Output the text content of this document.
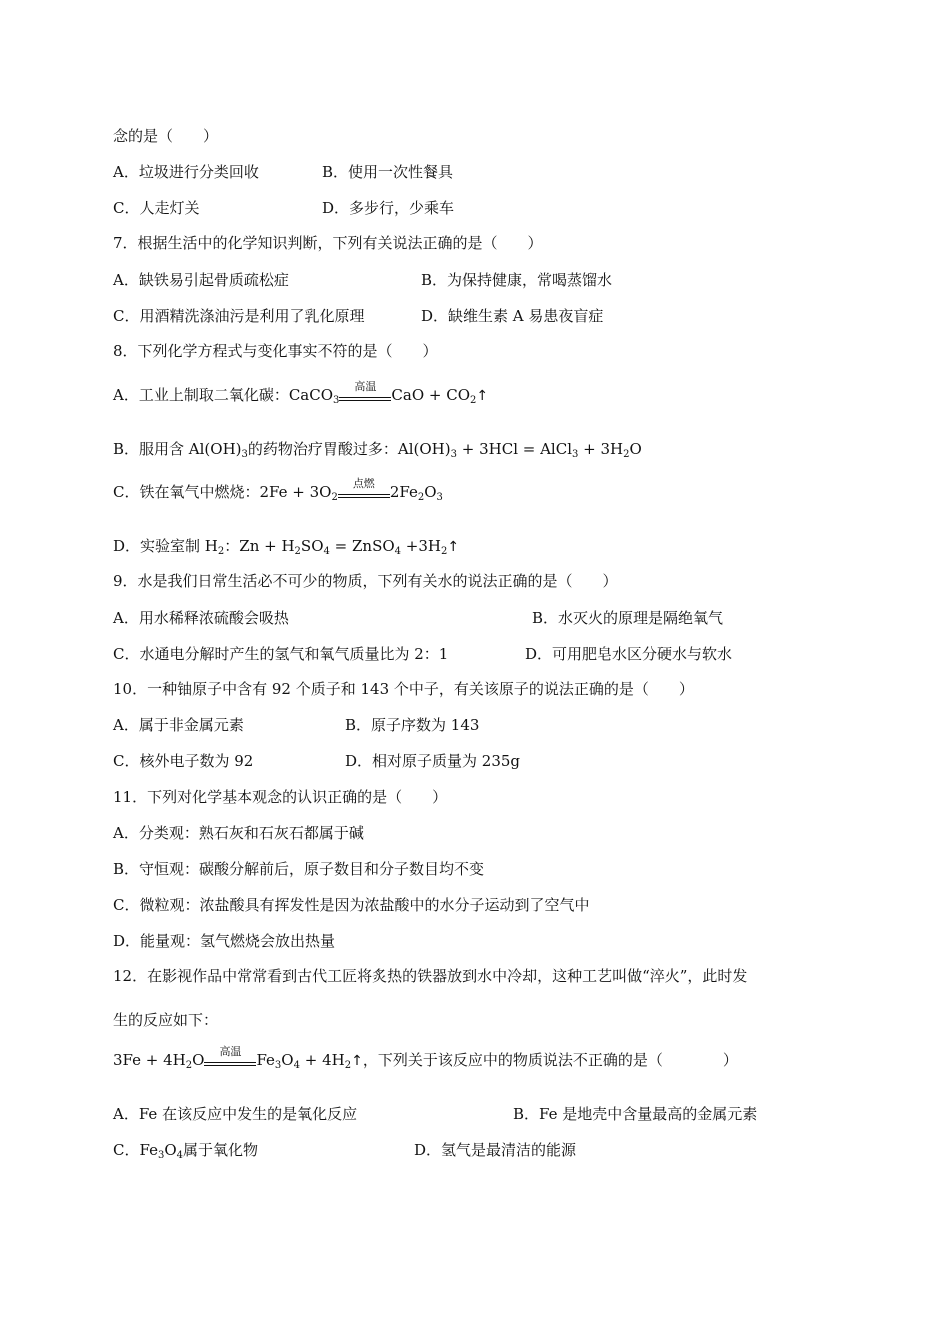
念的是（　　）
A．垃圾进行分类回收	B．使用一次性餐具
C．人走灯关	D．多步行，少乘车
7．根据生活中的化学知识判断，下列有关说法正确的是（　　）
A．缺铁易引起骨质疏松症	B．为保持健康，常喝蒸馏水
C．用酒精洗涤油污是利用了乳化原理	D．缺维生素 A 易患夜盲症
8．下列化学方程式与变化事实不符的是（　　）
A．工业上制取二氧化碳：CaCO$_3$
高温	CaO + $CO_2↑$
B．服用含 $Al(OH)_3$的药物治疗胃酸过多：$Al(OH)_3 + 3HCl$ = AlCl$_3$ + $3H_2O$
C．铁在氧气中燃烧：$2Fe + 3O_2$
点燃	$2Fe_2O_3$
D．实验室制 $H_2$：$Zn + H_2SO_4$ = ZnSO$_4$ $+3H_2↑$
9．水是我们日常生活必不可少的物质，下列有关水的说法正确的是（　　）
A．用水稀释浓硫酸会吸热	B．水灭火的原理是隔绝氧气
C．水通电分解时产生的氢气和氧气质量比为 2：1	D．可用肥皂水区分硬水与软水
10．一种铀原子中含有 92 个质子和 143 个中子，有关该原子的说法正确的是（　　）
A．属于非金属元素	B．原子序数为 143
C．核外电子数为 92	D．相对原子质量为 235g
11．下列对化学基本观念的认识正确的是（　　）
A．分类观：熟石灰和石灰石都属于碱
B．守恒观：碳酸分解前后，原子数目和分子数目均不变
C．微粒观：浓盐酸具有挥发性是因为浓盐酸中的水分子运动到了空气中
D．能量观：氢气燃烧会放出热量
12．在影视作品中常常看到古代工匠将炙热的铁器放到水中冷却，这种工艺叫做“淬火”，此时发
生的反应如下：
$3Fe + 4H_2O$	高温	$Fe_3O_4$ + $4H_2↑$，下列关于该反应中的物质说法不正确的是（　　　　）
A．Fe 在该反应中发生的是氧化反应	B．Fe 是地壳中含量最高的金属元素
C．$Fe_3O_4$属于氧化物	D．氢气是最清洁的能源
